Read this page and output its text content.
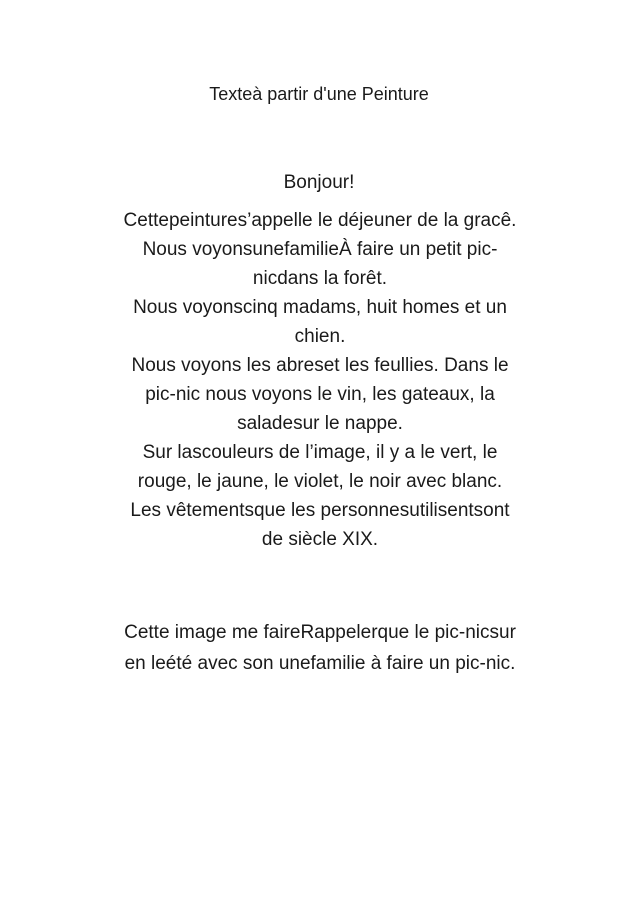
Texteà partir d'une Peinture
Bonjour!
Cettepeintures’appelle le déjeuner de la gracê.
Nous voyonsunefamilieÀ faire un petit pic-
nicdans la forêt.
Nous voyonscinq madams, huit homes et un
chien.
Nous voyons les abreset les feullies. Dans le
pic-nic nous voyons le vin, les gateaux, la
saladesur le nappe.
Sur lascouleurs de l’image, il y a le vert, le
rouge, le jaune, le violet, le noir avec blanc.
Les vêtementsque les personnesutilisentsont
de siècle XIX.
Cette image me faireRappelerque le pic-nicsur
en leété avec son unefamilie à faire un pic-nic.
